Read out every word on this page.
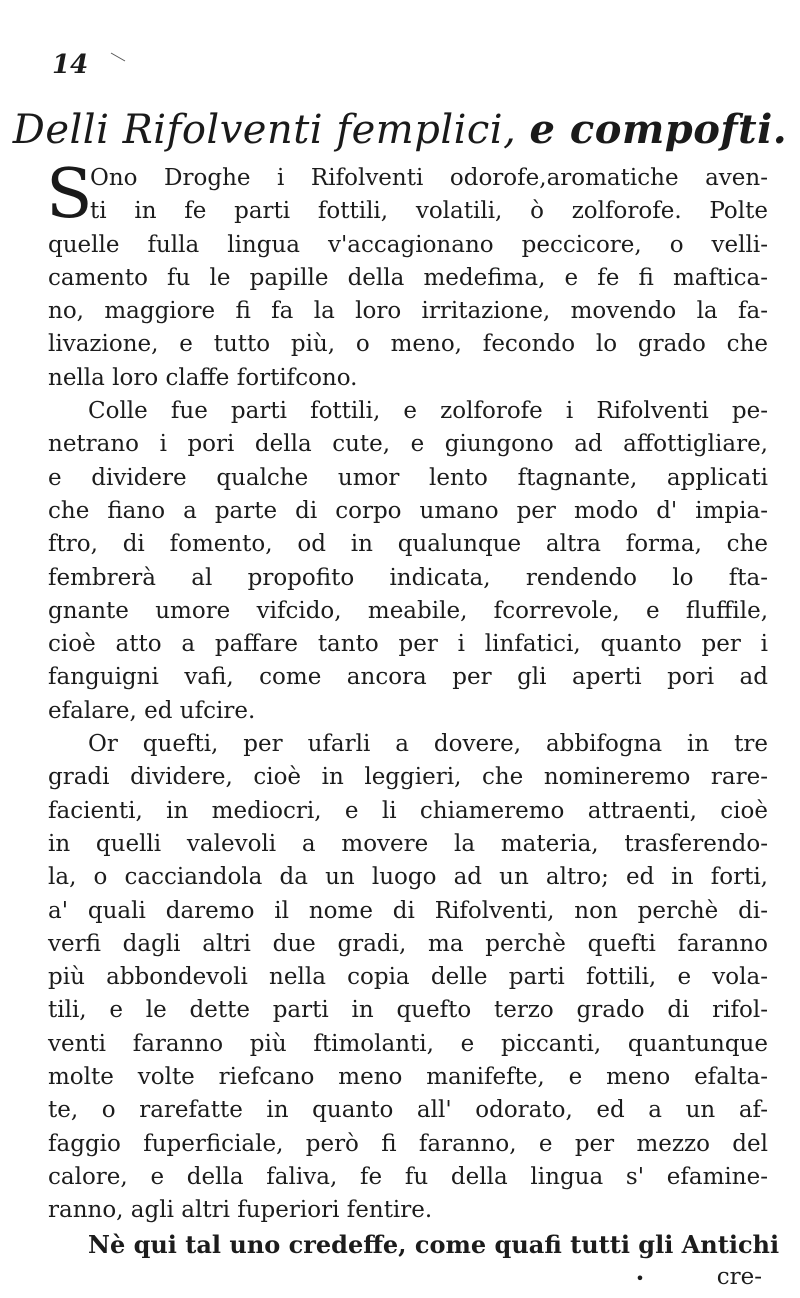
14
Delli Rifolventi femplici, e compofti.
S
Ono Droghe i Rifolventi odorofe,aromatiche aven-
ti in fe parti fottili, volatili, ò zolforofe. Polte
quelle fulla lingua v'accagionano peccicore, o velli-
camento fu le papille della medefima, e fe fi maftica-
no, maggiore fi fa la loro irritazione, movendo la fa-
livazione, e tutto più, o meno, fecondo lo grado che
nella loro claffe fortifcono.
Colle fue parti fottili, e zolforofe i Rifolventi pe-
netrano i pori della cute, e giungono ad affottigliare,
e dividere qualche umor lento ftagnante, applicati
che fiano a parte di corpo umano per modo d' impia-
ftro, di fomento, od in qualunque altra forma, che
fembrerà al propofito indicata, rendendo lo fta-
gnante umore vifcido, meabile, fcorrevole, e fluffile,
cioè atto a paffare tanto per i linfatici, quanto per i
fanguigni vafi, come ancora per gli aperti pori ad
efalare, ed ufcire.
Or quefti, per ufarli a dovere, abbifogna in tre
gradi dividere, cioè in leggieri, che nomineremo rare-
facienti, in mediocri, e li chiameremo attraenti, cioè
in quelli valevoli a movere la materia, trasferendo-
la, o cacciandola da un luogo ad un altro; ed in forti,
a' quali daremo il nome di Rifolventi, non perchè di-
verfi dagli altri due gradi, ma perchè quefti faranno
più abbondevoli nella copia delle parti fottili, e vola-
tili, e le dette parti in quefto terzo grado di rifol-
venti faranno più ftimolanti, e piccanti, quantunque
molte volte riefcano meno manifefte, e meno efalta-
te, o rarefatte in quanto all' odorato, ed a un af-
faggio fuperficiale, però fi faranno, e per mezzo del
calore, e della faliva, fe fu della lingua s' efamine-
ranno, agli altri fuperiori fentire.
Nè qui tal uno credeffe, come quafi tutti gli Antichi
•	cre-
